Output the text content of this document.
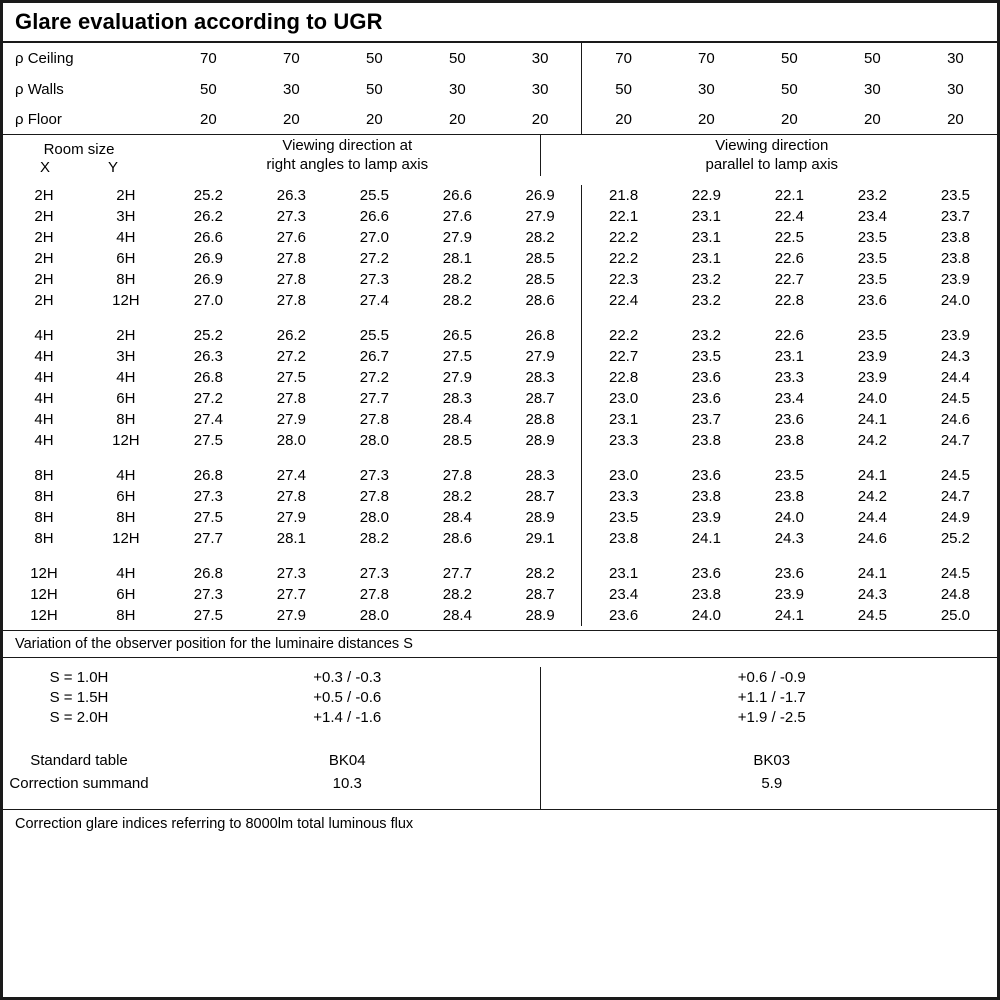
Glare evaluation according to UGR
ρ Ceiling	70	70	50	50	30	70	70	50	50	30
ρ Walls	50	30	50	30	30	50	30	50	30	30
ρ Floor	20	20	20	20	20	20	20	20	20	20
Room size
X	Y

Viewing direction at
right angles to lamp axis

Viewing direction
parallel to lamp axis
2H	2H	25.2	26.3	25.5	26.6	26.9	21.8	22.9	22.1	23.2	23.5
2H	3H	26.2	27.3	26.6	27.6	27.9	22.1	23.1	22.4	23.4	23.7
2H	4H	26.6	27.6	27.0	27.9	28.2	22.2	23.1	22.5	23.5	23.8
2H	6H	26.9	27.8	27.2	28.1	28.5	22.2	23.1	22.6	23.5	23.8
2H	8H	26.9	27.8	27.3	28.2	28.5	22.3	23.2	22.7	23.5	23.9
2H	12H	27.0	27.8	27.4	28.2	28.6	22.4	23.2	22.8	23.6	24.0

4H	2H	25.2	26.2	25.5	26.5	26.8	22.2	23.2	22.6	23.5	23.9
4H	3H	26.3	27.2	26.7	27.5	27.9	22.7	23.5	23.1	23.9	24.3
4H	4H	26.8	27.5	27.2	27.9	28.3	22.8	23.6	23.3	23.9	24.4
4H	6H	27.2	27.8	27.7	28.3	28.7	23.0	23.6	23.4	24.0	24.5
4H	8H	27.4	27.9	27.8	28.4	28.8	23.1	23.7	23.6	24.1	24.6
4H	12H	27.5	28.0	28.0	28.5	28.9	23.3	23.8	23.8	24.2	24.7

8H	4H	26.8	27.4	27.3	27.8	28.3	23.0	23.6	23.5	24.1	24.5
8H	6H	27.3	27.8	27.8	28.2	28.7	23.3	23.8	23.8	24.2	24.7
8H	8H	27.5	27.9	28.0	28.4	28.9	23.5	23.9	24.0	24.4	24.9
8H	12H	27.7	28.1	28.2	28.6	29.1	23.8	24.1	24.3	24.6	25.2

12H	4H	26.8	27.3	27.3	27.7	28.2	23.1	23.6	23.6	24.1	24.5
12H	6H	27.3	27.7	27.8	28.2	28.7	23.4	23.8	23.9	24.3	24.8
12H	8H	27.5	27.9	28.0	28.4	28.9	23.6	24.0	24.1	24.5	25.0
Variation of the observer position for the luminaire distances S
S = 1.0H	+0.3 / -0.3	+0.6 / -0.9
S = 1.5H	+0.5 / -0.6	+1.1 / -1.7
S = 2.0H	+1.4 / -1.6	+1.9 / -2.5

Standard table	BK04	BK03
Correction summand	10.3	5.9

Correction glare indices referring to 8000lm total luminous flux
